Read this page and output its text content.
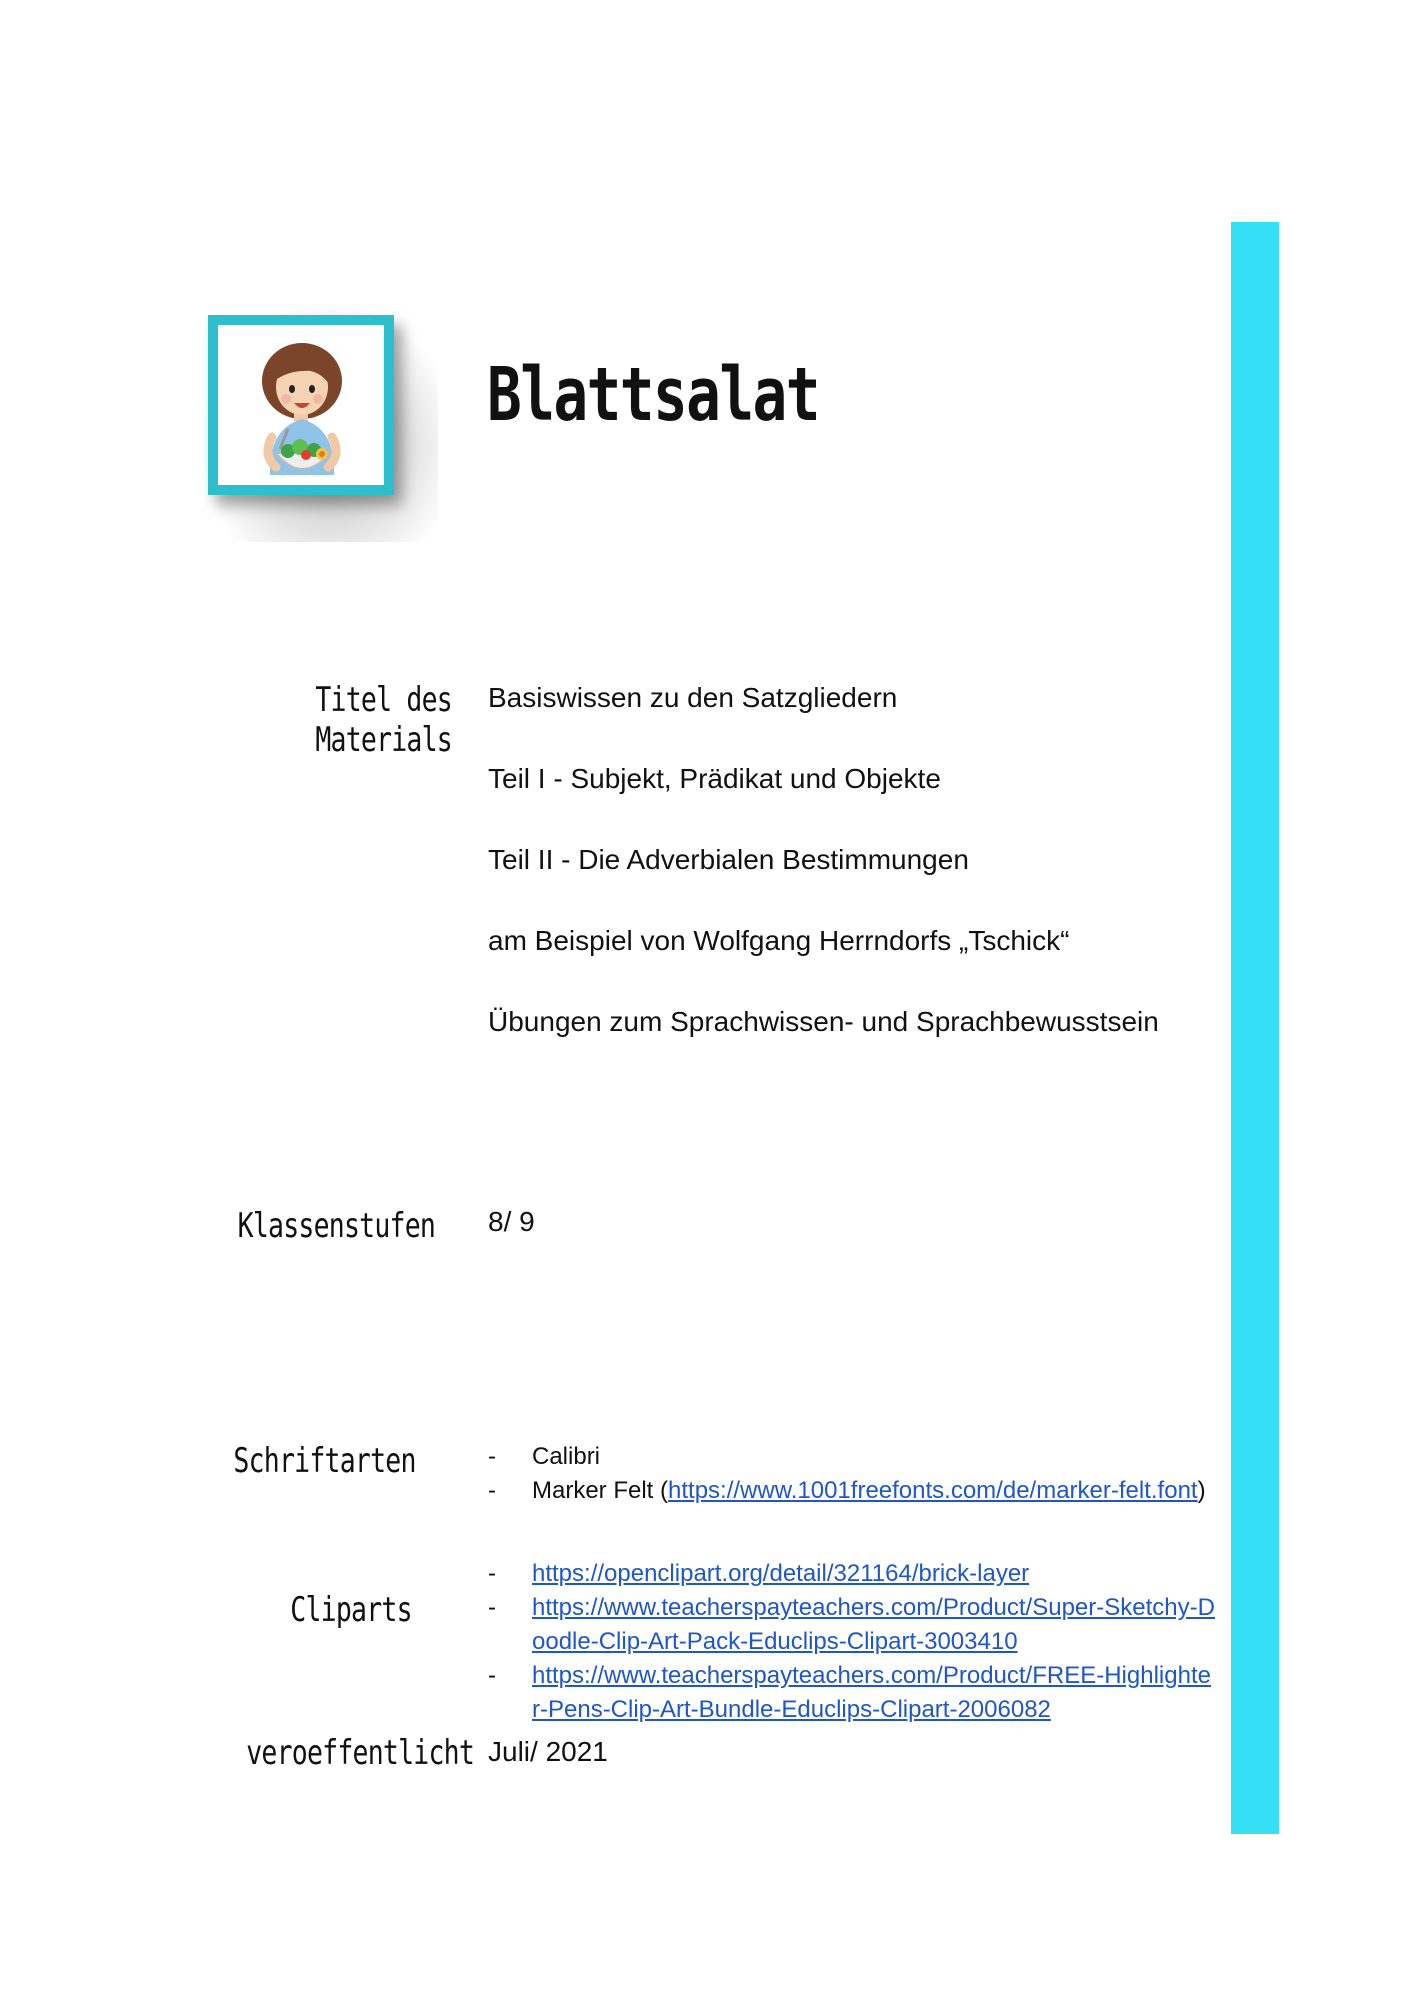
Blattsalat
Titel des Materials
Basiswissen zu den Satzgliedern
Teil I - Subjekt, Prädikat und Objekte
Teil II - Die Adverbialen Bestimmungen
am Beispiel von Wolfgang Herrndorfs „Tschick“
Übungen zum Sprachwissen- und Sprachbewusstsein
Klassenstufen 8/ 9
Schriftarten	- Calibri
- Marker Felt (https://www.1001freefonts.com/de/marker-felt.font)
Cliparts
- https://openclipart.org/detail/321164/brick-layer
- https://www.teacherspayteachers.com/Product/Super-Sketchy-Doodle-Clip-Art-Pack-Educlips-Clipart-3003410
- https://www.teacherspayteachers.com/Product/FREE-Highlighter-Pens-Clip-Art-Bundle-Educlips-Clipart-2006082
veroeffentlicht Juli/ 2021
